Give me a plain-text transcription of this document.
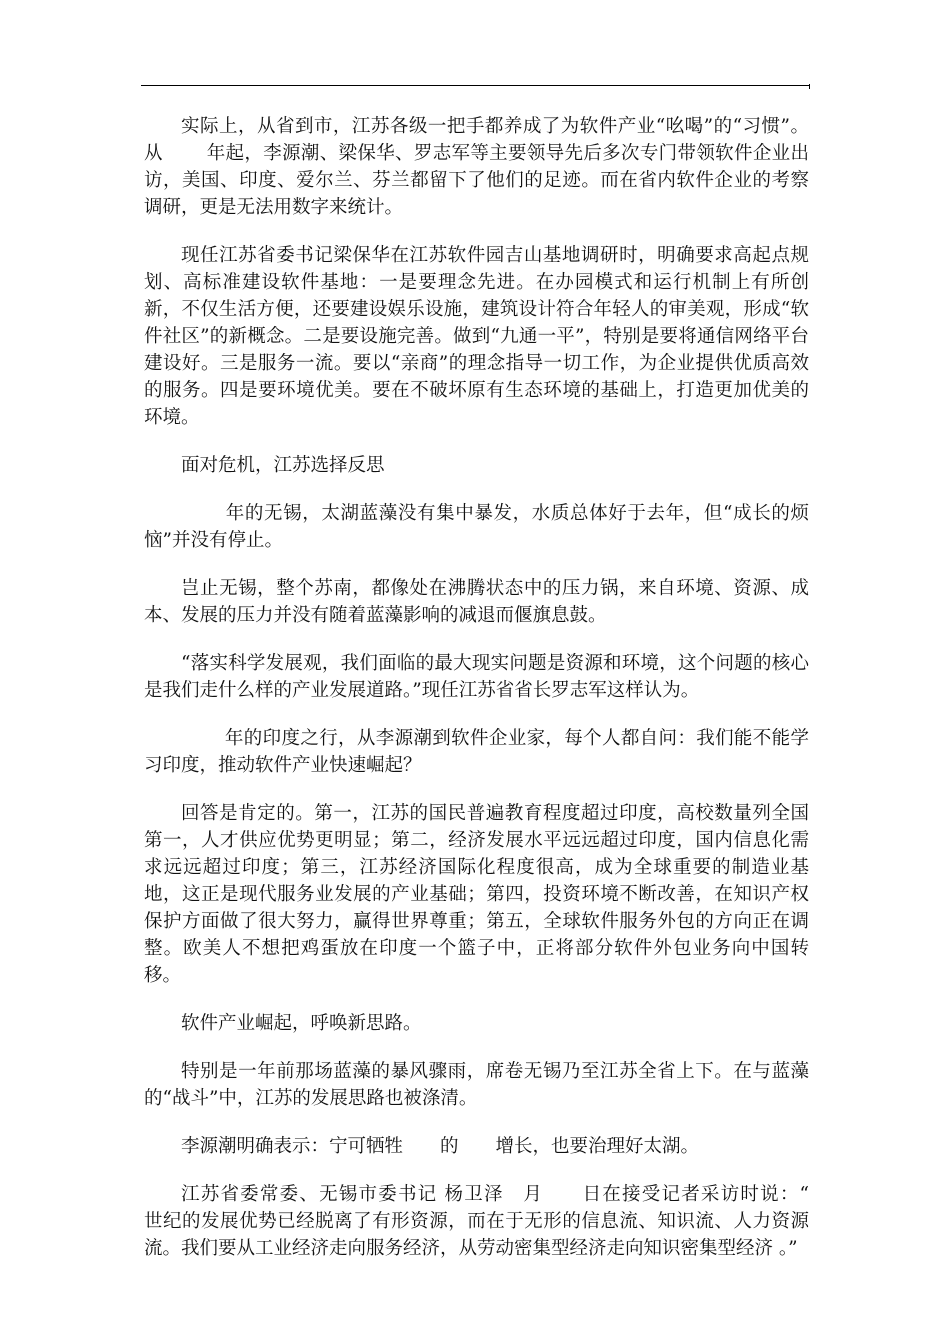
实际上，从省到市，江苏各级一把手都养成了为软件产业“吆喝”的“习惯”。从　　 年起，李源潮、梁保华、罗志军等主要领导先后多次专门带领软件企业出访，美国、印度、爱尔兰、芬兰都留下了他们的足迹。而在省内软件企业的考察调研，更是无法用数字来统计。

现任江苏省委书记梁保华在江苏软件园吉山基地调研时，明确要求高起点规划、高标准建设软件基地：一是要理念先进。在办园模式和运行机制上有所创新，不仅生活方便，还要建设娱乐设施，建筑设计符合年轻人的审美观，形成“软件社区”的新概念。二是要设施完善。做到“九通一平”，特别是要将通信网络平台建设好。三是服务一流。要以“亲商”的理念指导一切工作，为企业提供优质高效的服务。四是要环境优美。要在不破坏原有生态环境的基础上，打造更加优美的环境。

面对危机，江苏选择反思

　　 年的无锡，太湖蓝藻没有集中暴发，水质总体好于去年，但“成长的烦恼”并没有停止。

岂止无锡，整个苏南，都像处在沸腾状态中的压力锅，来自环境、资源、成本、发展的压力并没有随着蓝藻影响的减退而偃旗息鼓。

“落实科学发展观，我们面临的最大现实问题是资源和环境，这个问题的核心是我们走什么样的产业发展道路。”现任江苏省省长罗志军这样认为。

　　 年的印度之行，从李源潮到软件企业家，每个人都自问：我们能不能学习印度，推动软件产业快速崛起？

回答是肯定的。第一，江苏的国民普遍教育程度超过印度，高校数量列全国第一，人才供应优势更明显；第二，经济发展水平远远超过印度，国内信息化需求远远超过印度；第三，江苏经济国际化程度很高，成为全球重要的制造业基地，这正是现代服务业发展的产业基础；第四，投资环境不断改善，在知识产权保护方面做了很大努力，赢得世界尊重；第五，全球软件服务外包的方向正在调整。欧美人不想把鸡蛋放在印度一个篮子中，正将部分软件外包业务向中国转移。

软件产业崛起，呼唤新思路。

特别是一年前那场蓝藻的暴风骤雨，席卷无锡乃至江苏全省上下。在与蓝藻的“战斗”中，江苏的发展思路也被涤清。

李源潮明确表示：宁可牺牲　　的　　增长，也要治理好太湖。

江苏省委常委、无锡市委书记 杨卫泽　月　　日在接受记者采访时说：“　　世纪的发展优势已经脱离了有形资源，而在于无形的信息流、知识流、人力资源流。我们要从工业经济走向服务经济，从劳动密集型经济走向知识密集型经济 。”
